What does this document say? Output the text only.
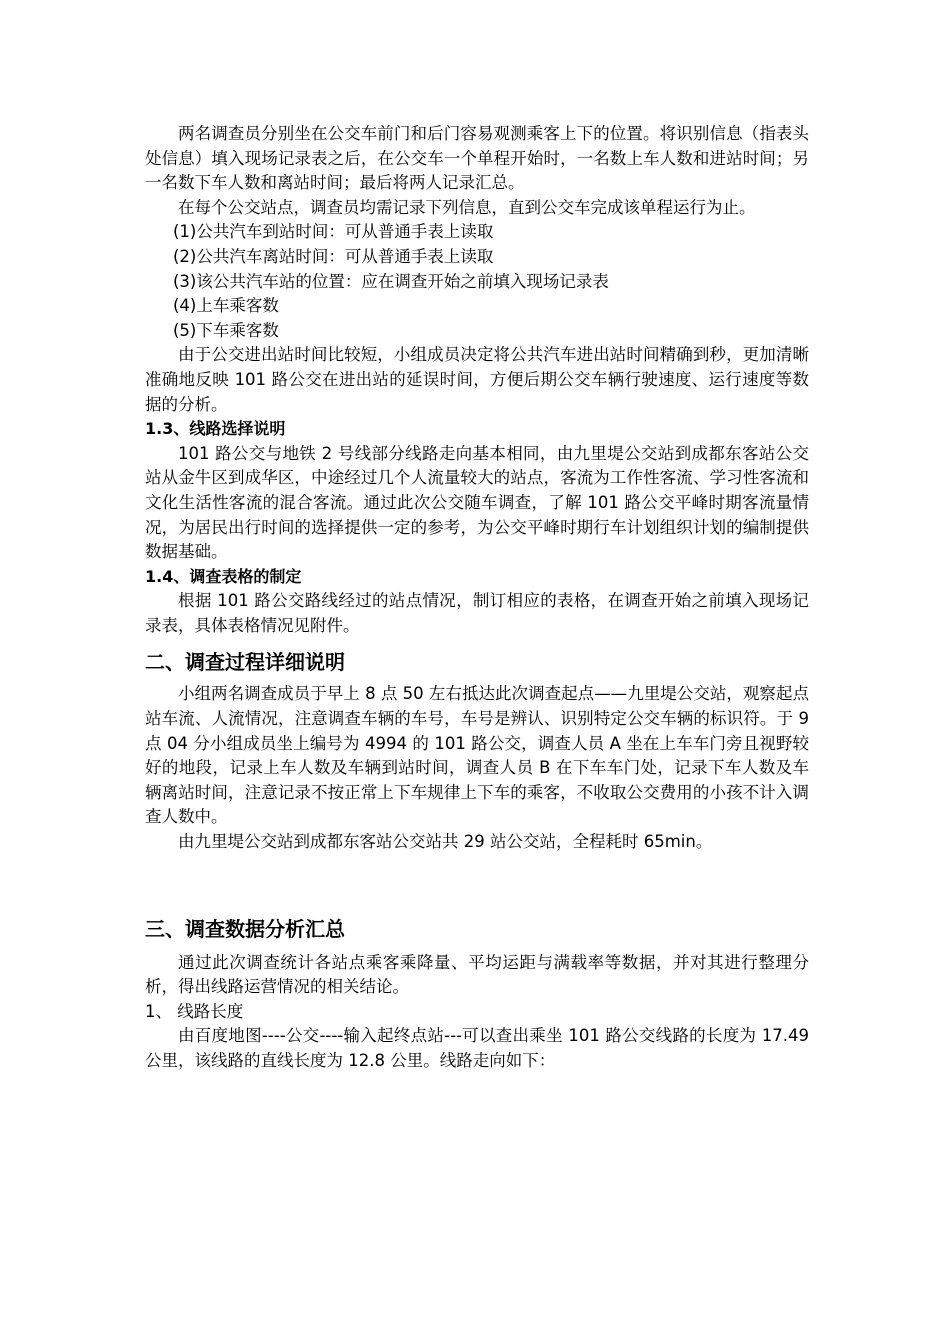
两名调查员分别坐在公交车前门和后门容易观测乘客上下的位置。将识别信息（指表头处信息）填入现场记录表之后，在公交车一个单程开始时，一名数上车人数和进站时间；另一名数下车人数和离站时间；最后将两人记录汇总。

在每个公交站点，调查员均需记录下列信息，直到公交车完成该单程运行为止。

(1)公共汽车到站时间：可从普通手表上读取

(2)公共汽车离站时间：可从普通手表上读取

(3)该公共汽车站的位置：应在调查开始之前填入现场记录表

(4)上车乘客数

(5)下车乘客数

由于公交进出站时间比较短，小组成员决定将公共汽车进出站时间精确到秒，更加清晰准确地反映 101 路公交在进出站的延误时间，方便后期公交车辆行驶速度、运行速度等数据的分析。

1.3、线路选择说明

101 路公交与地铁 2 号线部分线路走向基本相同，由九里堤公交站到成都东客站公交站从金牛区到成华区，中途经过几个人流量较大的站点，客流为工作性客流、学习性客流和文化生活性客流的混合客流。通过此次公交随车调查，了解 101 路公交平峰时期客流量情况，为居民出行时间的选择提供一定的参考，为公交平峰时期行车计划组织计划的编制提供数据基础。

1.4、调查表格的制定

根据 101 路公交路线经过的站点情况，制订相应的表格，在调查开始之前填入现场记录表，具体表格情况见附件。

二、调查过程详细说明

小组两名调查成员于早上 8 点 50 左右抵达此次调查起点——九里堤公交站，观察起点站车流、人流情况，注意调查车辆的车号，车号是辨认、识别特定公交车辆的标识符。于 9 点 04 分小组成员坐上编号为 4994 的 101 路公交，调查人员 A 坐在上车车门旁且视野较好的地段，记录上车人数及车辆到站时间，调查人员 B 在下车车门处，记录下车人数及车辆离站时间，注意记录不按正常上下车规律上下车的乘客，不收取公交费用的小孩不计入调查人数中。

由九里堤公交站到成都东客站公交站共 29 站公交站，全程耗时 65min。

三、调查数据分析汇总

通过此次调查统计各站点乘客乘降量、平均运距与满载率等数据，并对其进行整理分析，得出线路运营情况的相关结论。

1、 线路长度

由百度地图----公交----输入起终点站---可以查出乘坐 101 路公交线路的长度为 17.49 公里，该线路的直线长度为 12.8 公里。线路走向如下：
